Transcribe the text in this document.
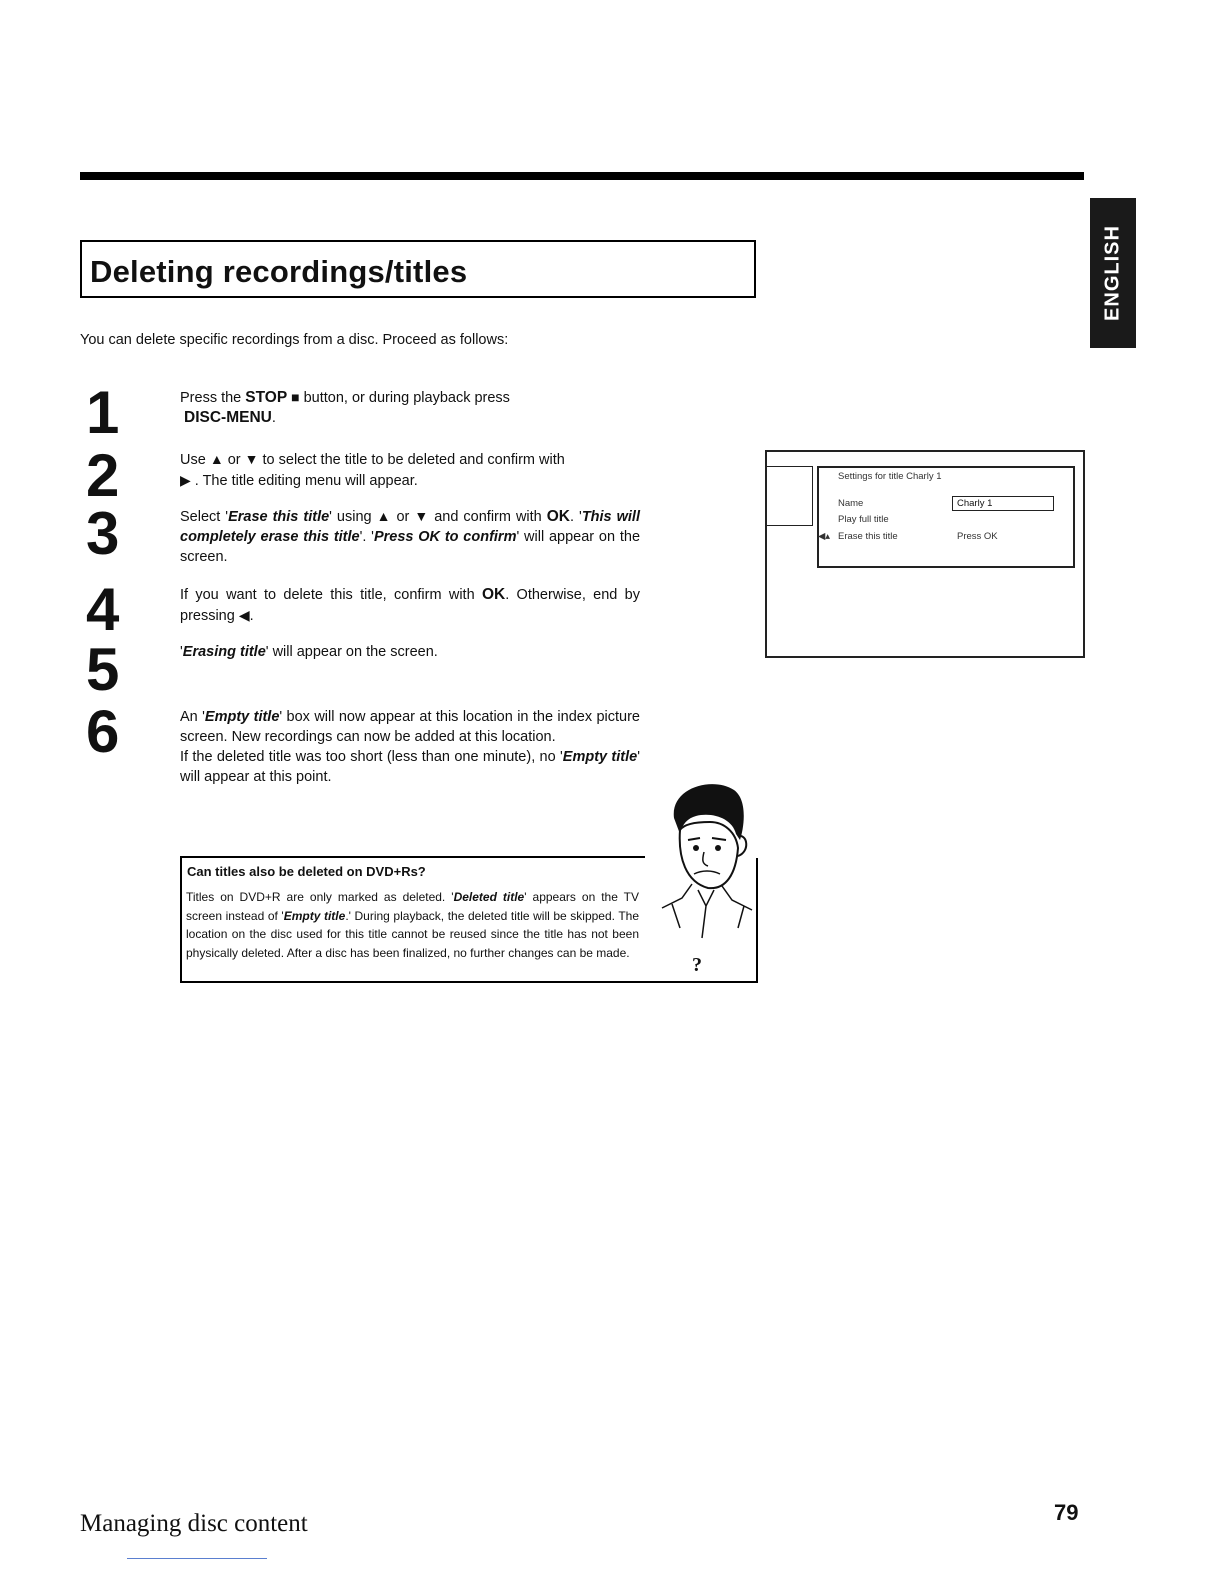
Deleting recordings/titles	ENGLISH
You can delete specific recordings from a disc. Proceed as follows:
1
2
3
4
5
6
Press the STOP ■ button, or during playback press
DISC-MENU.
Use ▲ or ▼ to select the title to be deleted and confirm with
▶ . The title editing menu will appear.
Select 'Erase this title' using ▲ or ▼ and confirm with OK. 'This will completely erase this title'. 'Press OK to confirm' will appear on the screen.
If you want to delete this title, confirm with OK. Otherwise, end by pressing ◀.
'Erasing title' will appear on the screen.
An 'Empty title' box will now appear at this location in the index picture screen. New recordings can now be added at this location.
If the deleted title was too short (less than one minute), no 'Empty title' will appear at this point.
Can titles also be deleted on DVD+Rs?
Titles on DVD+R are only marked as deleted. 'Deleted title' appears on the TV screen instead of 'Empty title.' During playback, the deleted title will be skipped. The location on the disc used for this title cannot be reused since the title has not been physically deleted. After a disc has been finalized, no further changes can be made.
?
Settings for title Charly 1
Name	Charly 1
Play full title
◀▴ Erase this title	Press OK
Managing disc content	79
